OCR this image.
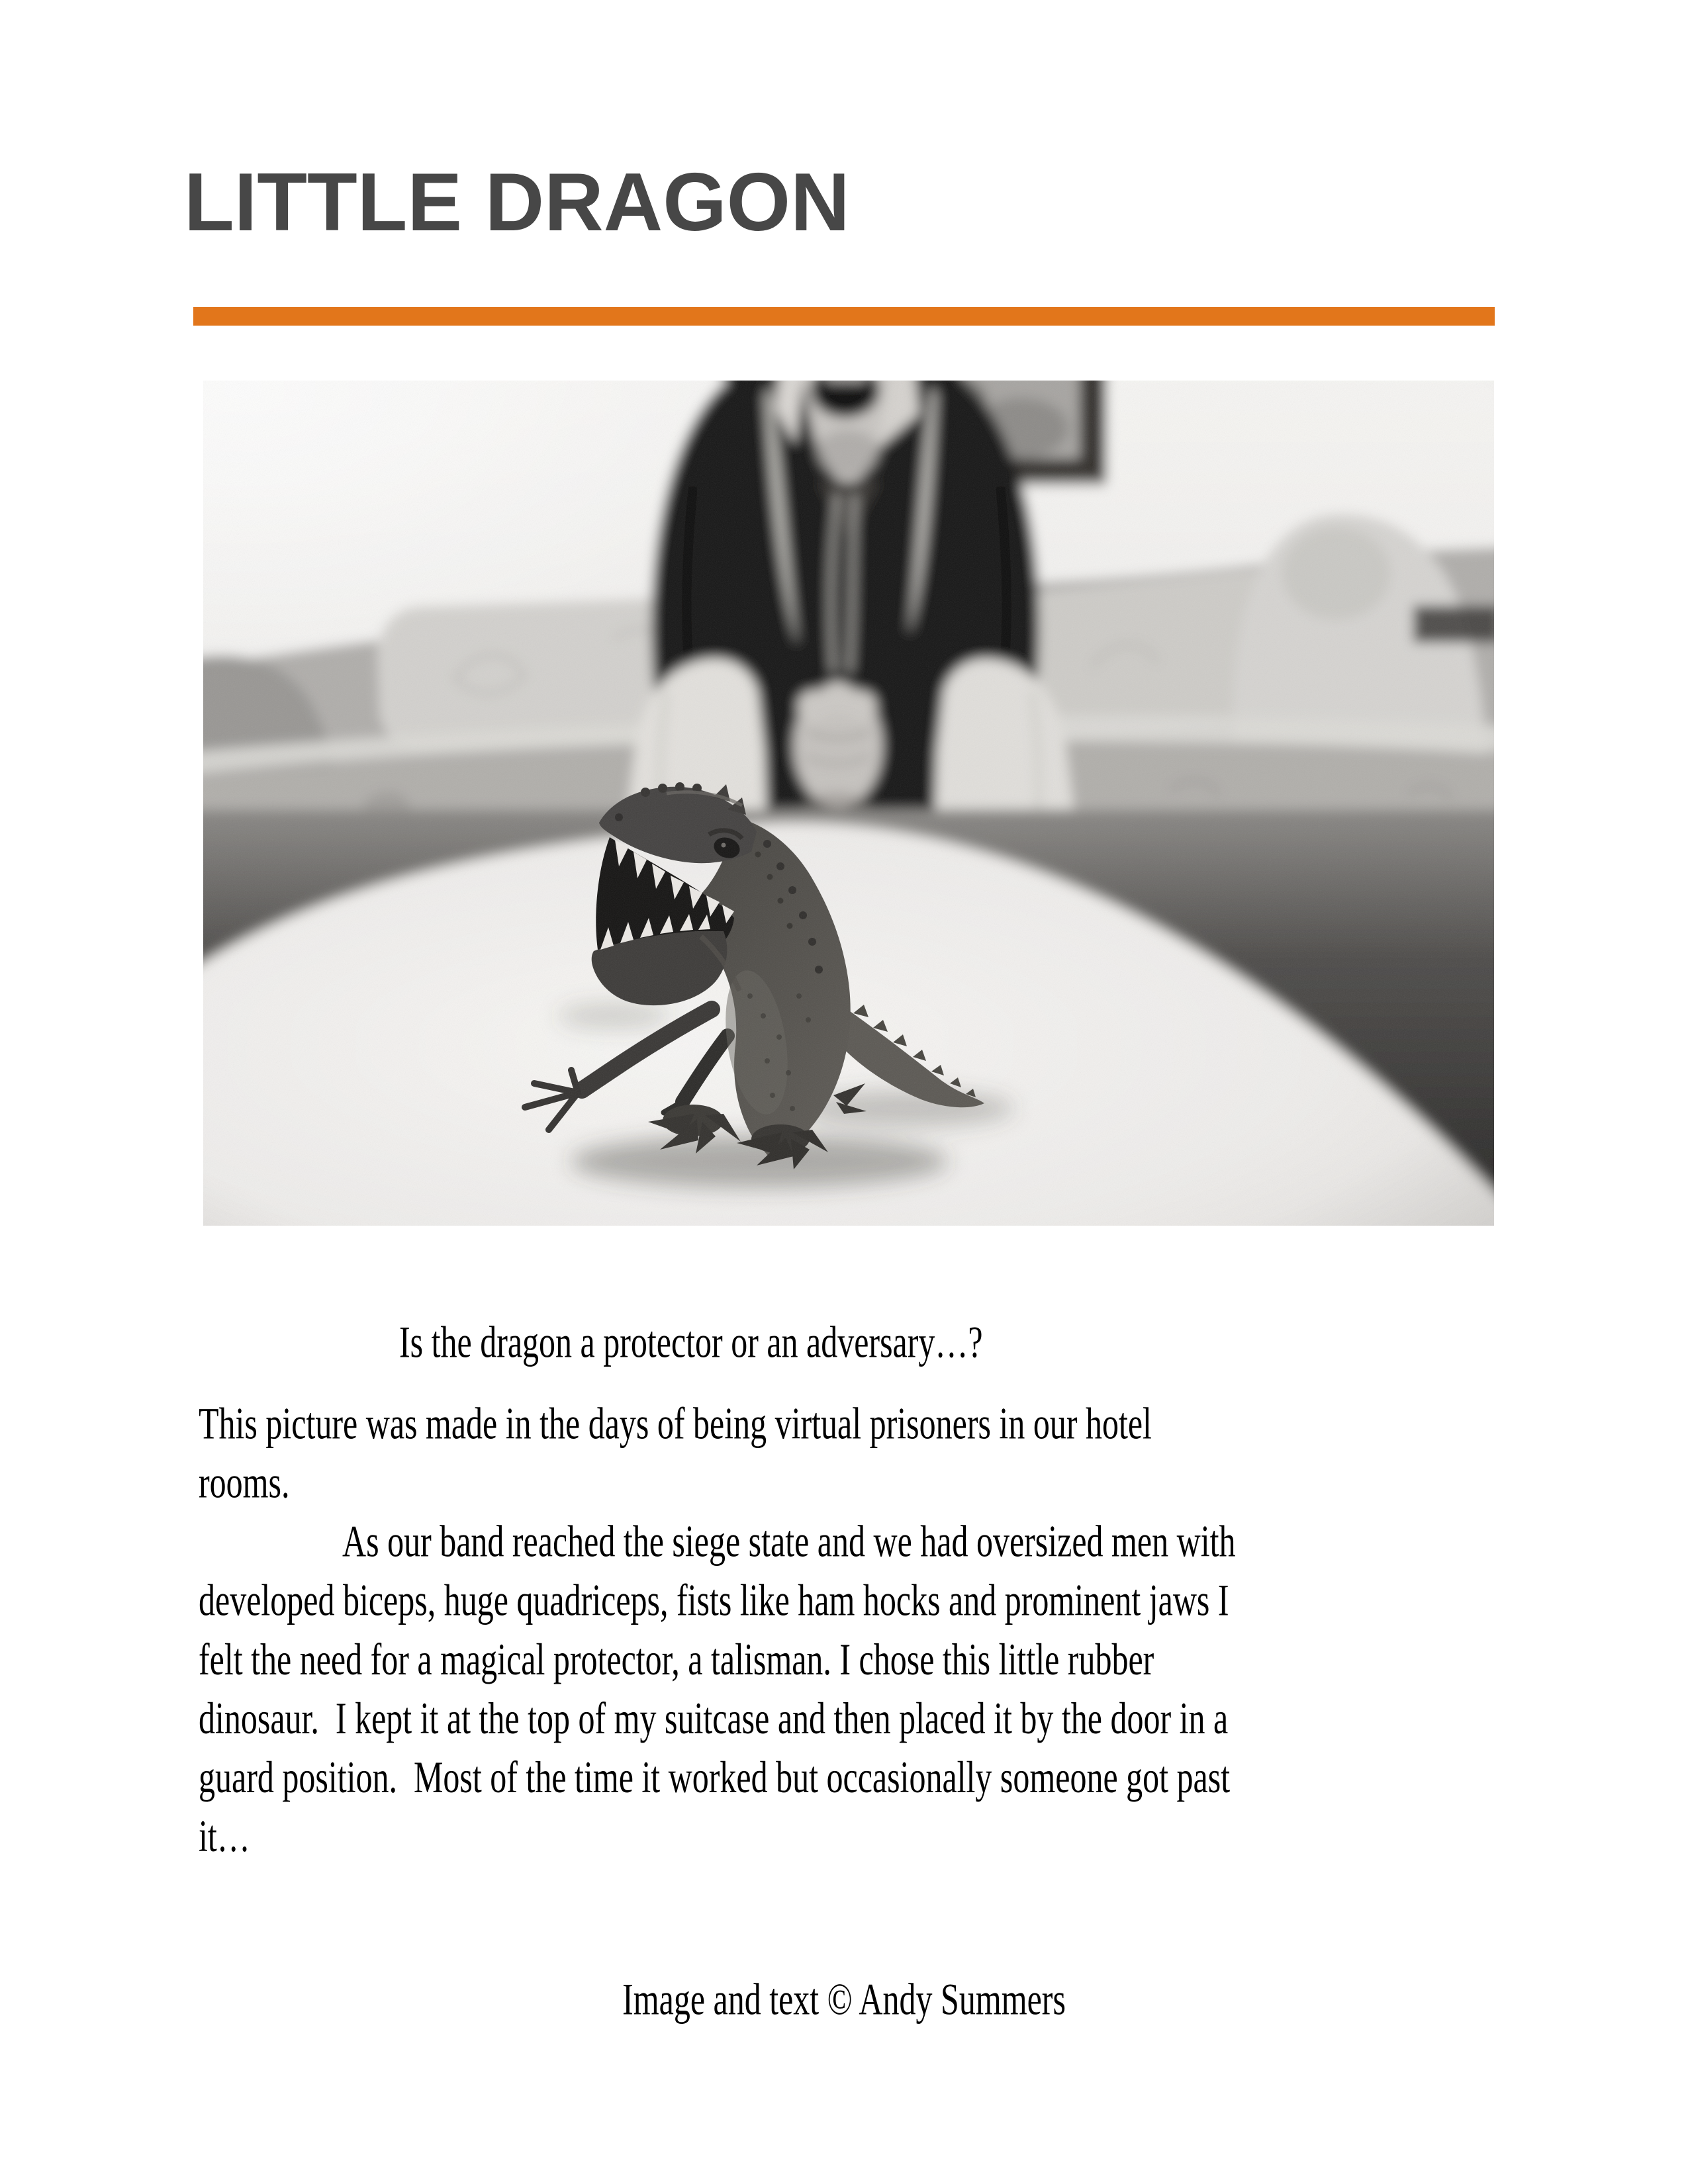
LITTLE DRAGON
Is the dragon a protector or an adversary…?
This picture was made in the days of being virtual prisoners in our hotel
rooms.
As our band reached the siege state and we had oversized men with
developed biceps, huge quadriceps, fists like ham hocks and prominent jaws I
felt the need for a magical protector, a talisman. I chose this little rubber
dinosaur.  I kept it at the top of my suitcase and then placed it by the door in a
guard position.  Most of the time it worked but occasionally someone got past
it…
Image and text © Andy Summers
